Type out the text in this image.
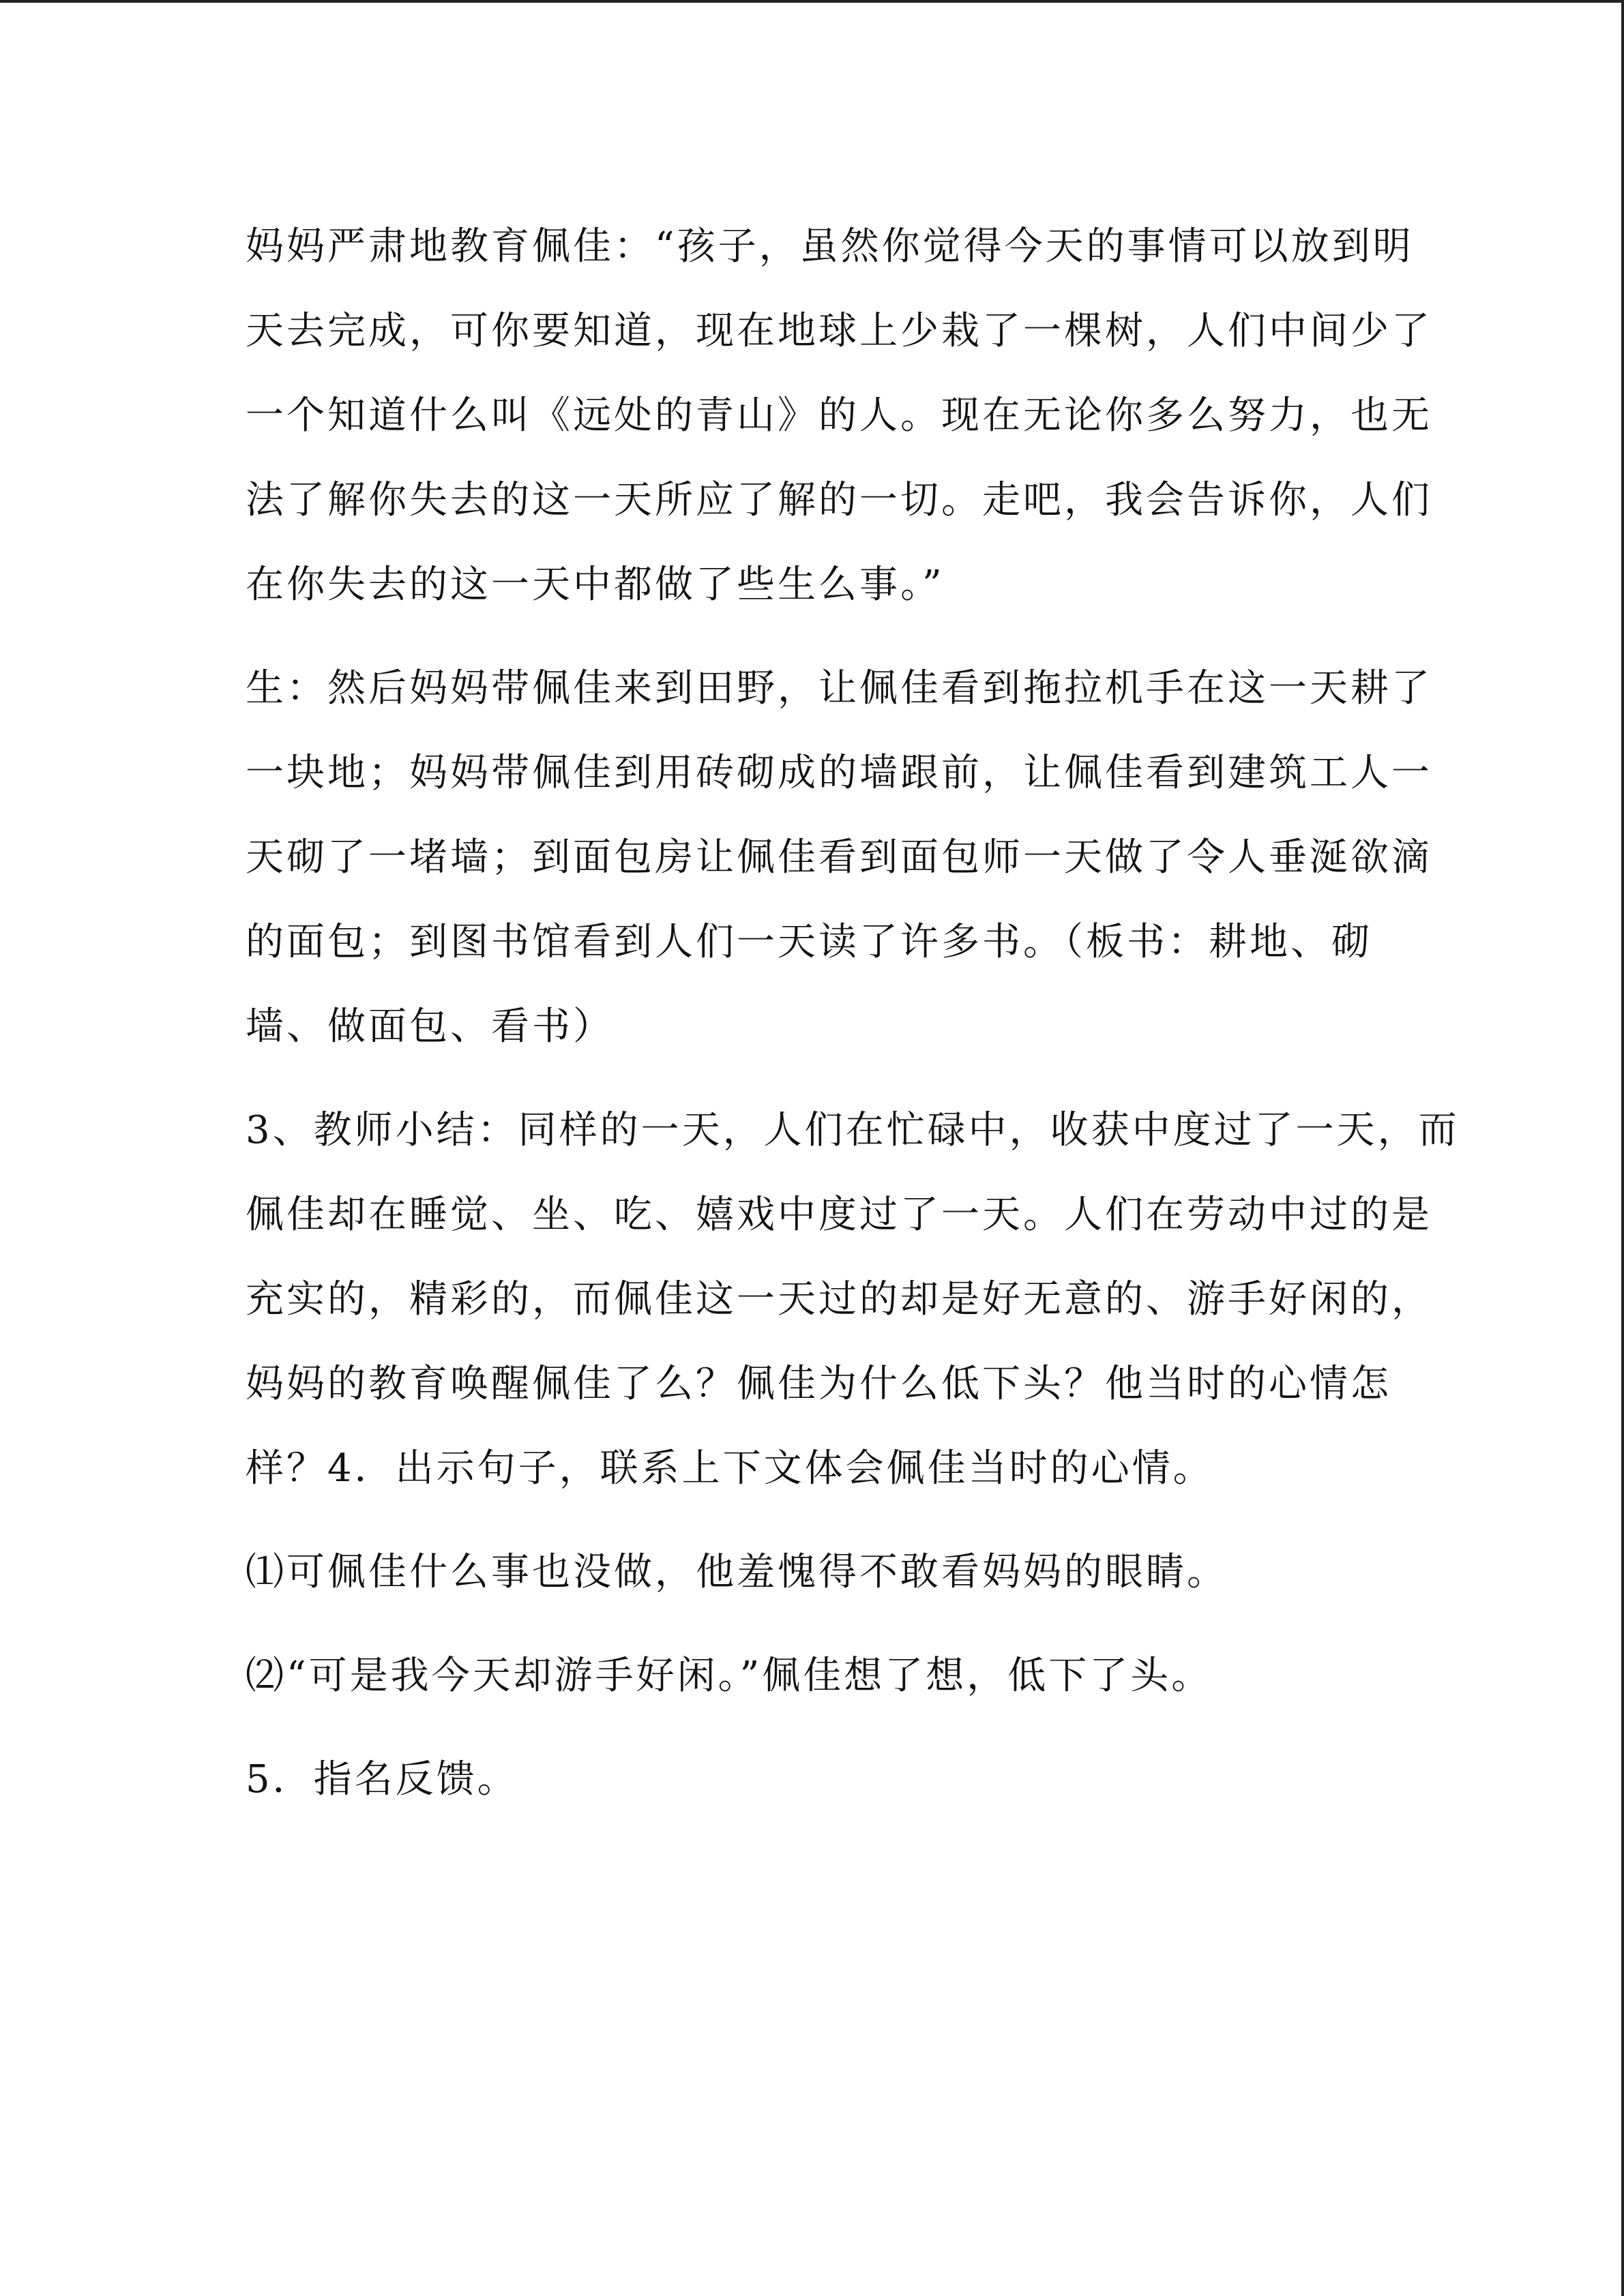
妈妈严肃地教育佩佳：“孩子，虽然你觉得今天的事情可以放到明
天去完成，可你要知道，现在地球上少栽了一棵树，人们中间少了
一个知道什么叫《远处的青山》的人。现在无论你多么努力，也无
法了解你失去的这一天所应了解的一切。走吧，我会告诉你，人们
在你失去的这一天中都做了些生么事。”
生：然后妈妈带佩佳来到田野，让佩佳看到拖拉机手在这一天耕了
一块地；妈妈带佩佳到用砖砌成的墙跟前，让佩佳看到建筑工人一
天砌了一堵墙；到面包房让佩佳看到面包师一天做了令人垂涎欲滴
的面包；到图书馆看到人们一天读了许多书。（板书：耕地、砌
墙、做面包、看书）
3、教师小结：同样的一天，人们在忙碌中，收获中度过了一天，而
佩佳却在睡觉、坐、吃、嬉戏中度过了一天。人们在劳动中过的是
充实的，精彩的，而佩佳这一天过的却是好无意的、游手好闲的，
妈妈的教育唤醒佩佳了么？佩佳为什么低下头？他当时的心情怎
样？4．出示句子，联系上下文体会佩佳当时的心情。
⑴可佩佳什么事也没做，他羞愧得不敢看妈妈的眼睛。
⑵“可是我今天却游手好闲。”佩佳想了想，低下了头。
5．指名反馈。
